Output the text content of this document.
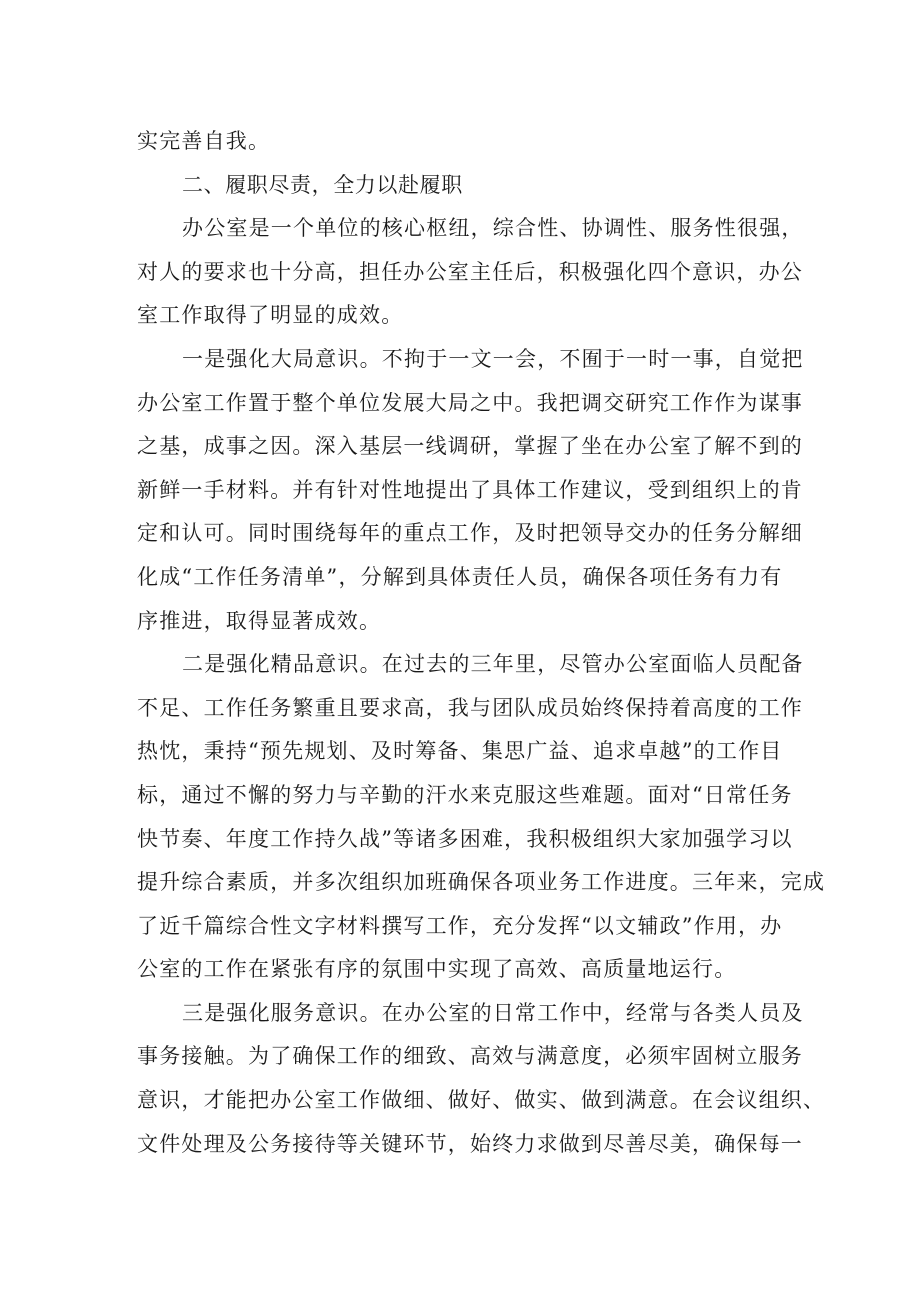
实完善自我。
二、履职尽责，全力以赴履职
办公室是一个单位的核心枢纽，综合性、协调性、服务性很强，
对人的要求也十分高，担任办公室主任后，积极强化四个意识，办公
室工作取得了明显的成效。
一是强化大局意识。不拘于一文一会，不囿于一时一事，自觉把
办公室工作置于整个单位发展大局之中。我把调交研究工作作为谋事
之基，成事之因。深入基层一线调研，掌握了坐在办公室了解不到的
新鲜一手材料。并有针对性地提出了具体工作建议，受到组织上的肯
定和认可。同时围绕每年的重点工作，及时把领导交办的任务分解细
化成“工作任务清单”，分解到具体责任人员，确保各项任务有力有
序推进，取得显著成效。
二是强化精品意识。在过去的三年里，尽管办公室面临人员配备
不足、工作任务繁重且要求高，我与团队成员始终保持着高度的工作
热忱，秉持“预先规划、及时筹备、集思广益、追求卓越”的工作目
标，通过不懈的努力与辛勤的汗水来克服这些难题。面对“日常任务
快节奏、年度工作持久战”等诸多困难，我积极组织大家加强学习以
提升综合素质，并多次组织加班确保各项业务工作进度。三年来，完成
了近千篇综合性文字材料撰写工作，充分发挥“以文辅政”作用，办
公室的工作在紧张有序的氛围中实现了高效、高质量地运行。
三是强化服务意识。在办公室的日常工作中，经常与各类人员及
事务接触。为了确保工作的细致、高效与满意度，必须牢固树立服务
意识，才能把办公室工作做细、做好、做实、做到满意。在会议组织、
文件处理及公务接待等关键环节，始终力求做到尽善尽美，确保每一
